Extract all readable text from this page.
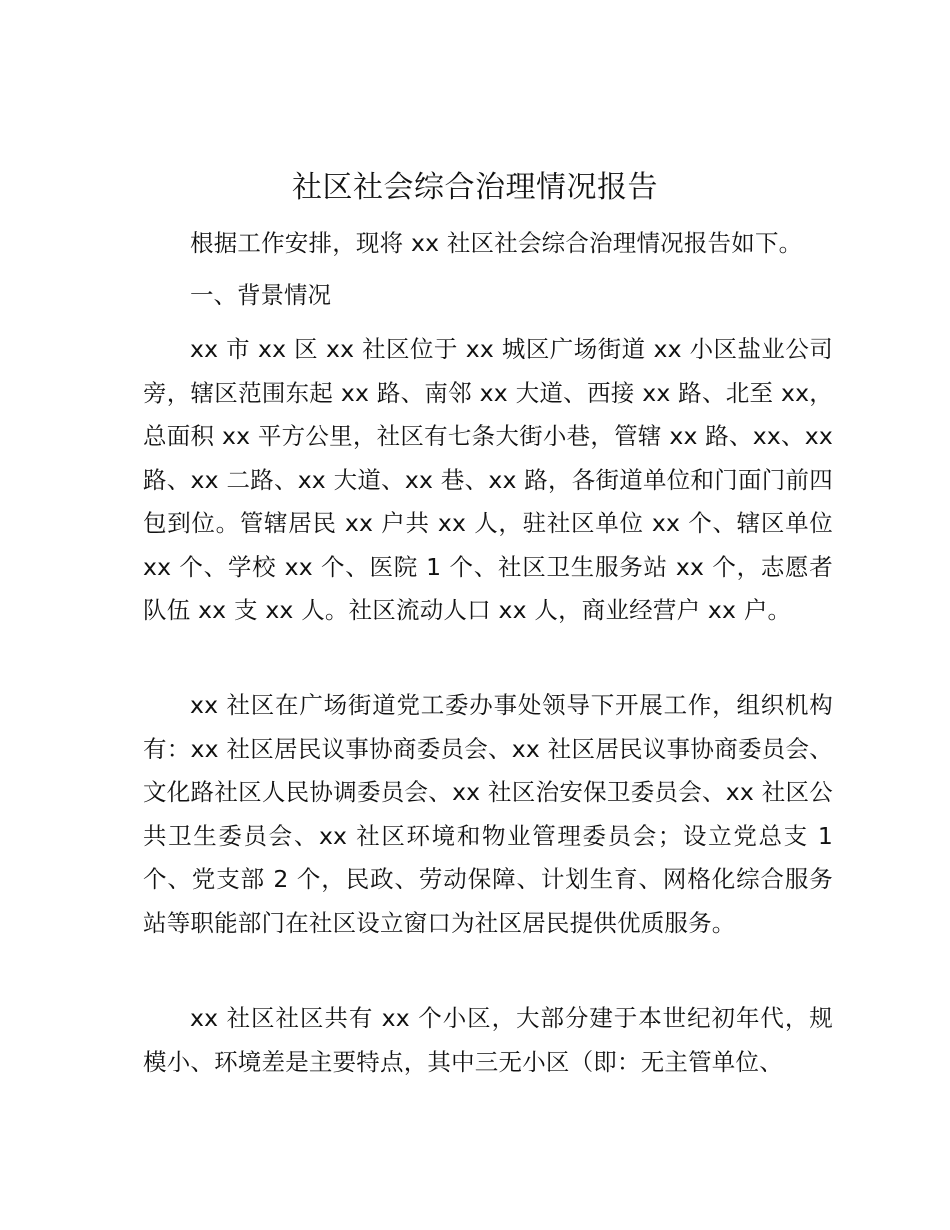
社区社会综合治理情况报告

根据工作安排，现将 xx 社区社会综合治理情况报告如下。

一、背景情况

xx 市 xx 区 xx 社区位于 xx 城区广场街道 xx 小区盐业公司旁，辖区范围东起 xx 路、南邻 xx 大道、西接 xx 路、北至 xx，总面积 xx 平方公里，社区有七条大街小巷，管辖 xx 路、xx、xx 路、xx 二路、xx 大道、xx 巷、xx 路，各街道单位和门面门前四包到位。管辖居民 xx 户共 xx 人，驻社区单位 xx 个、辖区单位 xx 个、学校 xx 个、医院 1 个、社区卫生服务站 xx 个，志愿者队伍 xx 支 xx 人。社区流动人口 xx 人，商业经营户 xx 户。

xx 社区在广场街道党工委办事处领导下开展工作，组织机构有：xx 社区居民议事协商委员会、xx 社区居民议事协商委员会、文化路社区人民协调委员会、xx 社区治安保卫委员会、xx 社区公共卫生委员会、xx 社区环境和物业管理委员会；设立党总支 1 个、党支部 2 个，民政、劳动保障、计划生育、网格化综合服务站等职能部门在社区设立窗口为社区居民提供优质服务。

xx 社区社区共有 xx 个小区，大部分建于本世纪初年代，规模小、环境差是主要特点，其中三无小区（即：无主管单位、
